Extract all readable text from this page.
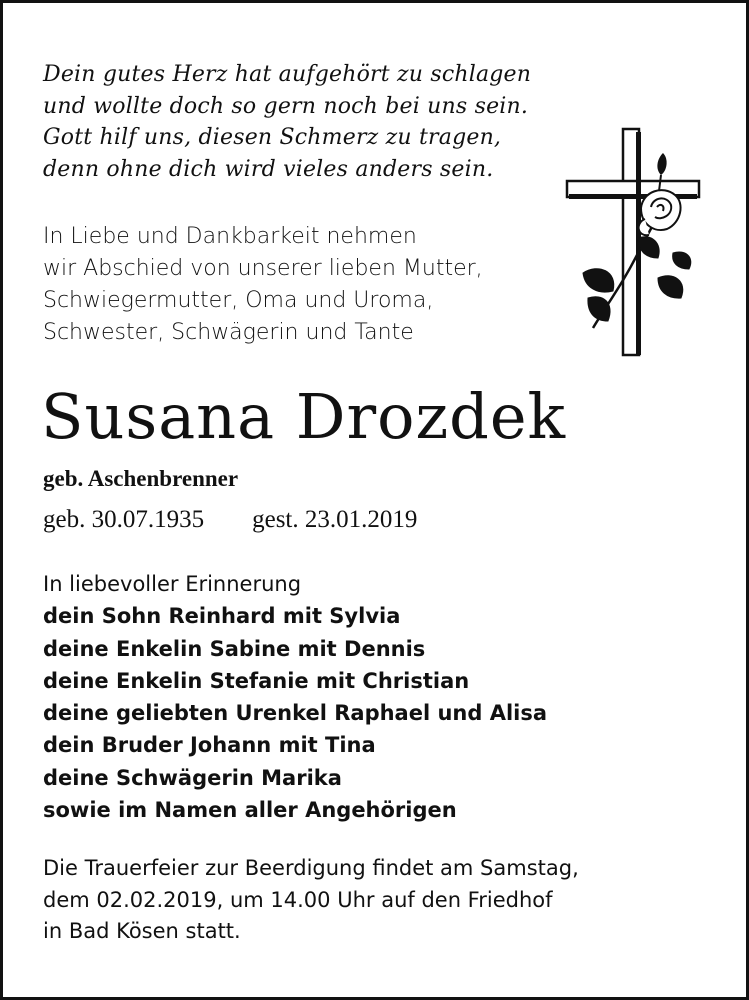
Dein gutes Herz hat aufgehört zu schlagen
und wollte doch so gern noch bei uns sein.
Gott hilf uns, diesen Schmerz zu tragen,
denn ohne dich wird vieles anders sein.
In Liebe und Dankbarkeit nehmen
wir Abschied von unserer lieben Mutter,
Schwiegermutter, Oma und Uroma,
Schwester, Schwägerin und Tante
Susana Drozdek
geb. Aschenbrenner
geb. 30.07.1935 gest. 23.01.2019
In liebevoller Erinnerung
dein Sohn Reinhard mit Sylvia
deine Enkelin Sabine mit Dennis
deine Enkelin Stefanie mit Christian
deine geliebten Urenkel Raphael und Alisa
dein Bruder Johann mit Tina
deine Schwägerin Marika
sowie im Namen aller Angehörigen
Die Trauerfeier zur Beerdigung findet am Samstag,
dem 02.02.2019, um 14.00 Uhr auf den Friedhof
in Bad Kösen statt.
